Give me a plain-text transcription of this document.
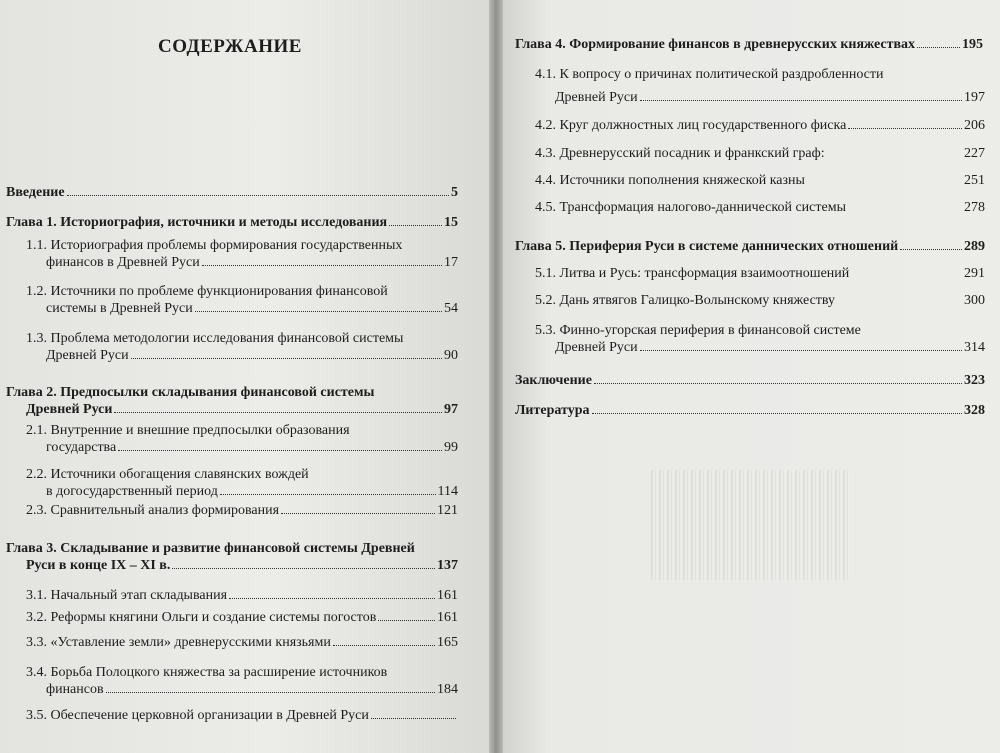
СОДЕРЖАНИЕ
Введение	5
Глава 1. Историография, источники и методы исследования	15
1.1. Историография проблемы формирования государственных
финансов в Древней Руси	17
1.2. Источники по проблеме функционирования финансовой
системы в Древней Руси	54
1.3. Проблема методологии исследования финансовой системы
Древней Руси	90
Глава 2. Предпосылки складывания финансовой системы
Древней Руси	97
2.1. Внутренние и внешние предпосылки образования
государства	99
2.2. Источники обогащения славянских вождей
в догосударственный период	114
2.3. Сравнительный анализ формирования	121
Глава 3. Складывание и развитие финансовой системы Древней
Руси в конце IX – XI в.	137
3.1. Начальный этап складывания	161
3.2. Реформы княгини Ольги и создание системы погостов	161
3.3. «Уставление земли» древнерусскими князьями	165
3.4. Борьба Полоцкого княжества за расширение источников
финансов	184
3.5. Обеспечение церковной организации в Древней Руси
Глава 4. Формирование финансов в древнерусских княжествах	195
4.1. К вопросу о причинах политической раздробленности
Древней Руси	197
4.2. Круг должностных лиц государственного фиска	206
4.3. Древнерусский посадник и франкский граф:	227
4.4. Источники пополнения княжеской казны	251
4.5. Трансформация налогово-даннической системы	278
Глава 5. Периферия Руси в системе даннических отношений	289
5.1. Литва и Русь: трансформация взаимоотношений	291
5.2. Дань ятвягов Галицко-Волынскому княжеству	300
5.3. Финно-угорская периферия в финансовой системе
Древней Руси	314
Заключение	323
Литература	328
